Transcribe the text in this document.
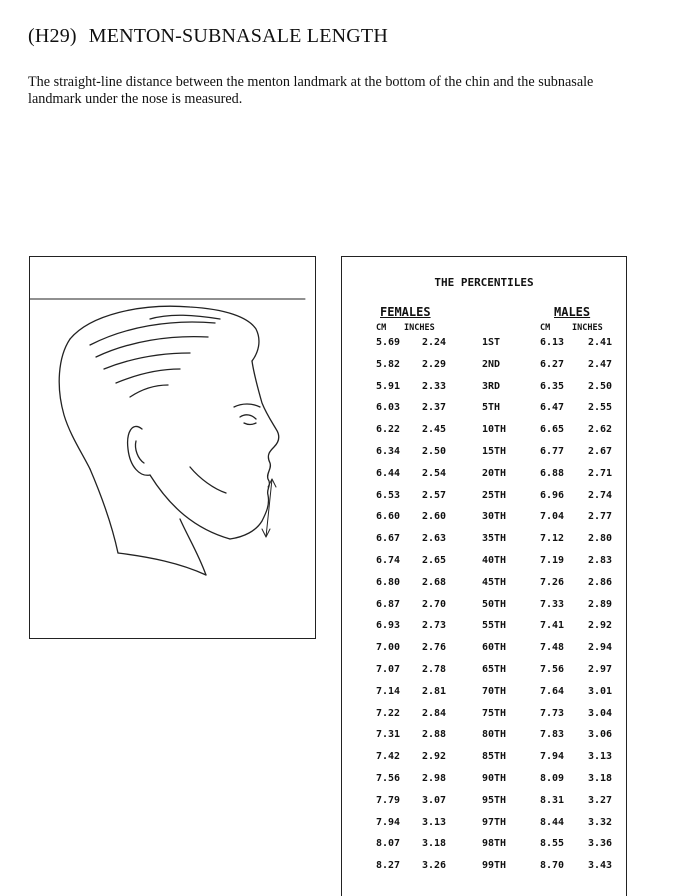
(H29) MENTON-SUBNASALE LENGTH
The straight-line distance between the menton landmark at the bottom of the chin and the subnasale landmark under the nose is measured.
THE PERCENTILES
FEMALES	MALES
CM INCHES	CM	INCHES
5.69 2.24	1ST	6.13 2.41
5.82 2.29	2ND	6.27 2.47
5.91 2.33	3RD	6.35 2.50
6.03 2.37	5TH	6.47 2.55
6.22 2.45	10TH	6.65 2.62
6.34 2.50	15TH	6.77 2.67
6.44 2.54	20TH	6.88 2.71
6.53 2.57	25TH	6.96 2.74
6.60 2.60	30TH	7.04 2.77
6.67 2.63	35TH	7.12 2.80
6.74 2.65	40TH	7.19 2.83
6.80 2.68	45TH	7.26 2.86
6.87 2.70	50TH	7.33 2.89
6.93 2.73	55TH	7.41 2.92
7.00 2.76	60TH	7.48 2.94
7.07 2.78	65TH	7.56 2.97
7.14 2.81	70TH	7.64 3.01
7.22 2.84	75TH	7.73 3.04
7.31 2.88	80TH	7.83 3.06
7.42 2.92	85TH	7.94 3.13
7.56 2.98	90TH	8.09 3.18
7.79 3.07	95TH	8.31 3.27
7.94 3.13	97TH	8.44 3.32
8.07 3.18	98TH	8.55 3.36
8.27 3.26	99TH	8.70 3.43
